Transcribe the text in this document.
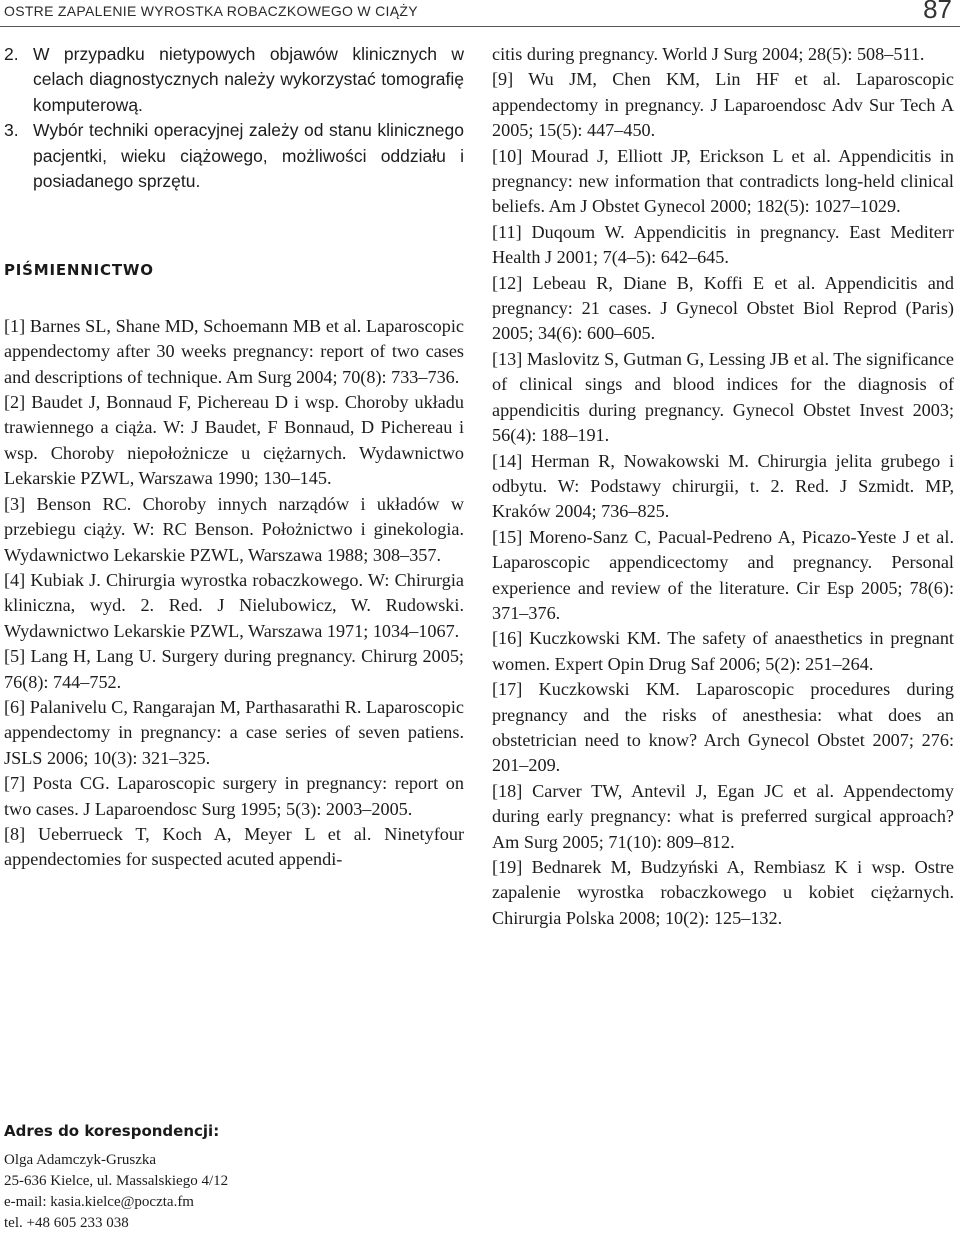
OSTRE ZAPALENIE WYROSTKA ROBACZKOWEGO W CIĄŻY	87
2. W przypadku nietypowych objawów klinicznych w celach diagnostycznych należy wykorzystać tomografię komputerową.
3. Wybór techniki operacyjnej zależy od stanu klinicznego pacjentki, wieku ciążowego, możliwości oddziału i posiadanego sprzętu.
PIŚMIENNICTWO

[1] Barnes SL, Shane MD, Schoemann MB et al. Laparoscopic appendectomy after 30 weeks pregnancy: report of two cases and descriptions of technique. Am Surg 2004; 70(8): 733–736.

[2] Baudet J, Bonnaud F, Pichereau D i wsp. Choroby układu trawiennego a ciąża. W: J Baudet, F Bonnaud, D Pichereau i wsp. Choroby niepołożnicze u ciężarnych. Wydawnictwo Lekarskie PZWL, Warszawa 1990; 130–145.

[3] Benson RC. Choroby innych narządów i układów w przebiegu ciąży. W: RC Benson. Położnictwo i ginekologia. Wydawnictwo Lekarskie PZWL, Warszawa 1988; 308–357.

[4] Kubiak J. Chirurgia wyrostka robaczkowego. W: Chirurgia kliniczna, wyd. 2. Red. J Nielubowicz, W. Rudowski. Wydawnictwo Lekarskie PZWL, Warszawa 1971; 1034–1067.

[5] Lang H, Lang U. Surgery during pregnancy. Chirurg 2005; 76(8): 744–752.

[6] Palanivelu C, Rangarajan M, Parthasarathi R. Laparoscopic appendectomy in pregnancy: a case series of seven patiens. JSLS 2006; 10(3): 321–325.

[7] Posta CG. Laparoscopic surgery in pregnancy: report on two cases. J Laparoendosc Surg 1995; 5(3): 2003–2005.

[8] Ueberrueck T, Koch A, Meyer L et al. Ninetyfour appendectomies for suspected acuted appendi-

citis during pregnancy. World J Surg 2004; 28(5): 508–511.

[9] Wu JM, Chen KM, Lin HF et al. Laparoscopic appendectomy in pregnancy. J Laparoendosc Adv Sur Tech A 2005; 15(5): 447–450.

[10] Mourad J, Elliott JP, Erickson L et al. Appendicitis in pregnancy: new information that contradicts long-held clinical beliefs. Am J Obstet Gynecol 2000; 182(5): 1027–1029.

[11] Duqoum W. Appendicitis in pregnancy. East Mediterr Health J 2001; 7(4–5): 642–645.

[12] Lebeau R, Diane B, Koffi E et al. Appendicitis and pregnancy: 21 cases. J Gynecol Obstet Biol Reprod (Paris) 2005; 34(6): 600–605.

[13] Maslovitz S, Gutman G, Lessing JB et al. The significance of clinical sings and blood indices for the diagnosis of appendicitis during pregnancy. Gynecol Obstet Invest 2003; 56(4): 188–191.

[14] Herman R, Nowakowski M. Chirurgia jelita grubego i odbytu. W: Podstawy chirurgii, t. 2. Red. J Szmidt. MP, Kraków 2004; 736–825.

[15] Moreno-Sanz C, Pacual-Pedreno A, Picazo-Yeste J et al. Laparoscopic appendicectomy and pregnancy. Personal experience and review of the literature. Cir Esp 2005; 78(6): 371–376.

[16] Kuczkowski KM. The safety of anaesthetics in pregnant women. Expert Opin Drug Saf 2006; 5(2): 251–264.

[17] Kuczkowski KM. Laparoscopic procedures during pregnancy and the risks of anesthesia: what does an obstetrician need to know? Arch Gynecol Obstet 2007; 276: 201–209.

[18] Carver TW, Antevil J, Egan JC et al. Appendectomy during early pregnancy: what is preferred surgical approach? Am Surg 2005; 71(10): 809–812.

[19] Bednarek M, Budzyński A, Rembiasz K i wsp. Ostre zapalenie wyrostka robaczkowego u kobiet ciężarnych. Chirurgia Polska 2008; 10(2): 125–132.

Adres do korespondencji:
Olga Adamczyk-Gruszka
25-636 Kielce, ul. Massalskiego 4/12
e-mail: kasia.kielce@poczta.fm
tel. +48 605 233 038
